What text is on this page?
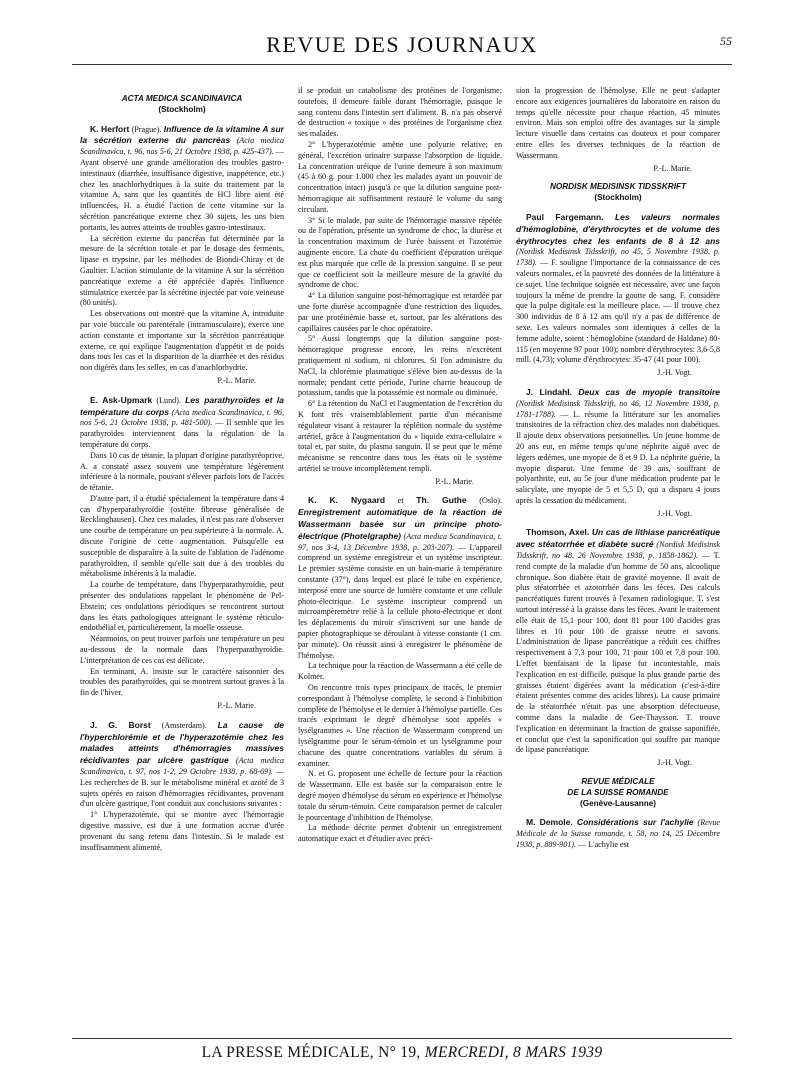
REVUE DES JOURNAUX	55
ACTA MEDICA SCANDINAVICA
(Stockholm)

K. Herfort (Prague). Influence de la vitamine A sur la sécrétion externe du pancréas (Acta medica Scandinavica, t. 96, nos 5-6, 21 Octobre 1938, p. 425-437). — Ayant observé une grande amélioration des troubles gastro-intestinaux (diarrhée, insuffisance digestive, inappétence, etc.) chez les anachlorhydriques à la suite du traitement par la vitamine A, sans que les quantités de HCl libre aient été influencées, H. a étudié l'action de cette vitamine sur la sécrétion pancréatique externe chez 30 sujets, les uns bien portants, les autres atteints de troubles gastro-intestinaux.

La sécrétion externe du pancréas fut déterminée par la mesure de la sécrétion totale et par le dosage des ferments, lipase et trypsine, par les méthodes de Biondi-Chiray et de Gaultier. L'action stimulante de la vitamine A sur la sécrétion pancréatique externe a été appréciée d'après l'influence stimulatrice exercée par la sécrétine injectée par voie veineuse (80 unités).

Les observations ont montré que la vitamine A, introduite par voie buccale ou parentérale (intramusculaire), exerce une action constante et importante sur la sécrétion pancréatique externe, ce qui explique l'augmentation d'appétit et de poids dans tous les cas et la disparition de la diarrhée et des résidus non digérés dans les selles, en cas d'anachlorhydrie.

P.-L. Marie.

E. Ask-Upmark (Lund). Les parathyroïdes et la température du corps (Acta medica Scandinavica, t. 96, nos 5-6, 21 Octobre 1938, p. 481-500). — Il semble que les parathyroïdes interviennent dans la régulation de la température du corps.

Dans 10 cas de tétanie, la plupart d'origine parathyréoprive, A. a constaté assez souvent une température légèrement inférieure à la normale, pouvant s'élever parfois lors de l'accès de tétanie.

D'autre part, il a étudié spécialement la température dans 4 cas d'hyperparathyroïdie (ostéite fibreuse généralisée de Recklinghausen). Chez ces malades, il n'est pas rare d'observer une courbe de température un peu supérieure à la normale. A. discute l'origine de cette augmentation. Puisqu'elle est susceptible de disparaître à la suite de l'ablation de l'adénome parathyroïdien, il semble qu'elle soit due à des troubles du métabolisme inhérents à la maladie.

La courbe de température, dans l'hyperparathyroïdie, peut présenter des ondulations rappelant le phénomène de Pel-Ebstein; ces ondulations périodiques se rencontrent surtout dans les états pathologiques atteignant le système réticulo-endothélial et, particulièrement, la moelle osseuse.

Néanmoins, on peut trouver parfois une température un peu au-dessous de la normale dans l'hyperparathyroïdie. L'interprétation de ces cas est délicate.

En terminant, A. insiste sur le caractère saisonnier des troubles des parathyroïdes, qui se montrent surtout graves à la fin de l'hiver.

P.-L. Marie.

J. G. Borst (Amsterdam). La cause de l'hyperchlorémie et de l'hyperazotémie chez les malades atteints d'hémorragies massives récidivantes par ulcère gastrique (Acta medica Scandinavica, t. 97, nos 1-2, 29 Octobre 1938, p. 68-69). — Les recherches de B. sur le métabolisme minéral et azoté de 3 sujets opérés en raison d'hémorragies récidivantes, provenant d'un ulcère gastrique, l'ont conduit aux conclusions suivantes :

1° L'hyperazotémie, qui se montre avec l'hémorragie digestive massive, est due à une formation accrue d'urée provenant du sang retenu dans l'intestin. Si le malade est insuffisamment alimenté,

il se produit un catabolisme des protéines de l'organisme; toutefois, il demeure faible durant l'hémorragie, puisque le sang contenu dans l'intestin sert d'aliment. B. n'a pas observé de destruction « toxique » des protéines de l'organisme chez ses malades.

2° L'hyperazotémie amène une polyurie relative; en général, l'excrétion urinaire surpasse l'absorption de liquide. La concentration uréique de l'urine demeure à son maximum (45 à 60 g. pour 1.000 chez les malades ayant un pouvoir de concentration intact) jusqu'à ce que la dilution sanguine post-hémorragique ait suffisamment restauré le volume du sang circulant.

3° Si le malade, par suite de l'hémorragie massive répétée ou de l'opération, présente un syndrome de choc, la diurèse et la concentration maximum de l'urée baissent et l'azotémie augmente encore. La chute du coefficient d'épuration uréique est plus marquée que celle de la pression sanguine. Il se peut que ce coefficient soit la meilleure mesure de la gravité du syndrome de choc.

4° La dilution sanguine post-hémorragique est retardée par une forte diurèse accompagnée d'une restriction des liquides, par une protéinémie basse et, surtout, par les altérations des capillaires causées par le choc opératoire.

5° Aussi longtemps que la dilution sanguine post-hémorragique progresse encore, les reins n'excrètent pratiquement ni sodium, ni chlorures. Si l'on administre du NaCl, la chlorémie plasmatique s'élève bien au-dessus de la normale; pendant cette période, l'urine charrie beaucoup de potassium, tandis que la potassémie est normale ou diminuée.

6° La rétention du NaCl et l'augmentation de l'excrétion du K font très vraisemblablement partie d'un mécanisme régulateur visant à restaurer la réplétion normale du système artériel, grâce à l'augmentation du « liquide extra-cellulaire » total et, par suite, du plasma sanguin. Il se peut que le même mécanisme se rencontre dans tous les états où le système artériel se trouve incomplètement rempli.

P.-L. Marie.

K. K. Nygaard et Th. Guthe (Oslo). Enregistrement automatique de la réaction de Wassermann basée sur un principe photo-électrique (Photelgraphe) (Acta medica Scandinavica, t. 97, nos 3-4, 13 Décembre 1938, p. 203-207). — L'appareil comprend un système enregistreur et un système inscripteur. Le premier système consiste en un bain-marie à température constante (37°), dans lequel est placé le tube en expérience, interposé entre une source de lumière constante et une cellule photo-électrique. Le système inscripteur comprend un microampèremètre relié à la cellule photo-électrique et dont les déplacements du miroir s'inscrivent sur une bande de papier photographique se déroulant à vitesse constante (1 cm. par minute). On réussit ainsi à enregistrer le phénomène de l'hémolyse.

La technique pour la réaction de Wassermann a été celle de Kolmer.

On rencontre trois types principaux de tracés, le premier correspondant à l'hémolyse complète, le second à l'inhibition complète de l'hémolyse et le dernier à l'hémolyse partielle. Ces tracés exprimant le degré d'hémolyse sont appelés « lysélgrammes ». Une réaction de Wassermann comprend un lysélgramme pour le sérum-témoin et un lysélgramme pour chacune des quatre concentrations variables du sérum à examiner.

N. et G. proposent une échelle de lecture pour la réaction de Wassermann. Elle est basée sur la comparaison entre le degré moyen d'hémolyse du sérum en expérience et l'hémolyse totale du sérum-témoin. Cette comparaison permet de calculer le pourcentage d'inhibition de l'hémolyse.

La méthode décrite permet d'obtenir un enregistrement automatique exact et d'étudier avec préci-

sion la progression de l'hémolyse. Elle ne peut s'adapter encore aux exigences journalières du laboratoire en raison du temps qu'elle nécessite pour chaque réaction, 45 minutes environ. Mais son emploi offre des avantages sur la simple lecture visuelle dans certains cas douteux et pour comparer entre elles les diverses techniques de la réaction de Wassermann.

P.-L. Marie.
NORDISK MEDISINSK TIDSSKRIFT
(Stockholm)

Paul Fargemann. Les valeurs normales d'hémoglobine, d'érythrocytes et de volume des érythrocytes chez les enfants de 8 à 12 ans (Nordisk Medisinsk Tidsskrift, no 45, 5 Novembre 1938, p. 1738). — F. souligne l'importance de la connaissance de ces valeurs normales, et la pauvreté des données de la littérature à ce sujet. Une technique soignée est nécessaire, avec une façon toujours la même de prendre la goutte de sang. F. considère que la pulpe digitale est la meilleure place. — Il trouve chez 300 individus de 8 à 12 ans qu'il n'y a pas de différence de sexe. Les valeurs normales sont identiques à celles de la femme adulte, soient : hémoglobine (standard de Haldane) 80-115 (en moyenne 97 pour 100); nombre d'érythrocytes: 3,6-5,8 mill. (4,73); volume d'érythrocytes: 35-47 (41 pour 100).

J.-H. Vogt.

J. Lindahl. Deux cas de myopie transitoire (Nordisk Medisinsk Tidsskrift, no 46, 12 Novembre 1938, p. 1781-1788). — L. résume la littérature sur les anomalies transitoires de la réfraction chez des malades non diabétiques. Il ajoute deux observations personnelles. Un jeune homme de 20 ans eut, en même temps qu'une néphrite aiguë avec de légers œdèmes, une myopie de 8 et 9 D. La néphrite guérie, la myopie disparut. Une femme de 39 ans, souffrant de polyarthrite, eut, au 5e jour d'une médication prudente par le salicylate, une myopie de 5 et 5,5 D, qui a disparu 4 jours après la cessation du médicament.

J.-H. Vogt.

Thomson, Axel. Un cas de lithiase pancréatique avec stéatorrhée et diabète sucré (Nordisk Medisinsk Tidsskrift, no 48, 26 Novembre 1938, p. 1858-1862). — T. rend compte de la maladie d'un homme de 50 ans, alcoolique chronique. Son diabète était de gravité moyenne. Il avait de plus stéatorrhée et azotorrhée dans les fèces. Des calculs pancréatiques furent trouvés à l'examen radiologique. T. s'est surtout intéressé à la graisse dans les fèces. Avant le traitement elle était de 15,1 pour 100, dont 81 pour 100 d'acides gras libres et 10 pour 100 de graisse neutre et savons. L'administration de lipase pancréatique a réduit ces chiffres respectivement à 7,3 pour 100, 71 pour 100 et 7,8 pour 100. L'effet bienfaisant de la lipase fut incontestable, mais l'explication en est difficile, puisque la plus grande partie des graisses étaient digérées avant la médication (c'est-à-dire étaient présentes comme des acides libres). La cause primaire de la stéatorrhée n'était pas une absorption défectueuse, comme dans la maladie de Gee-Thaysson. T. trouve l'explication en déterminant la fraction de graisse saponifiée, et conclut que c'est la saponification qui souffre par manque de lipase pancréatique.

J.-H. Vogt.
REVUE MÉDICALE
DE LA SUISSE ROMANDE
(Genève-Lausanne)

M. Demole. Considérations sur l'achylie (Revue Médicale de la Suisse romande, t. 58, no 14, 25 Décembre 1938, p. 889-901). — L'achylie est

LA PRESSE MÉDICALE, N° 19, MERCREDI, 8 MARS 1939
